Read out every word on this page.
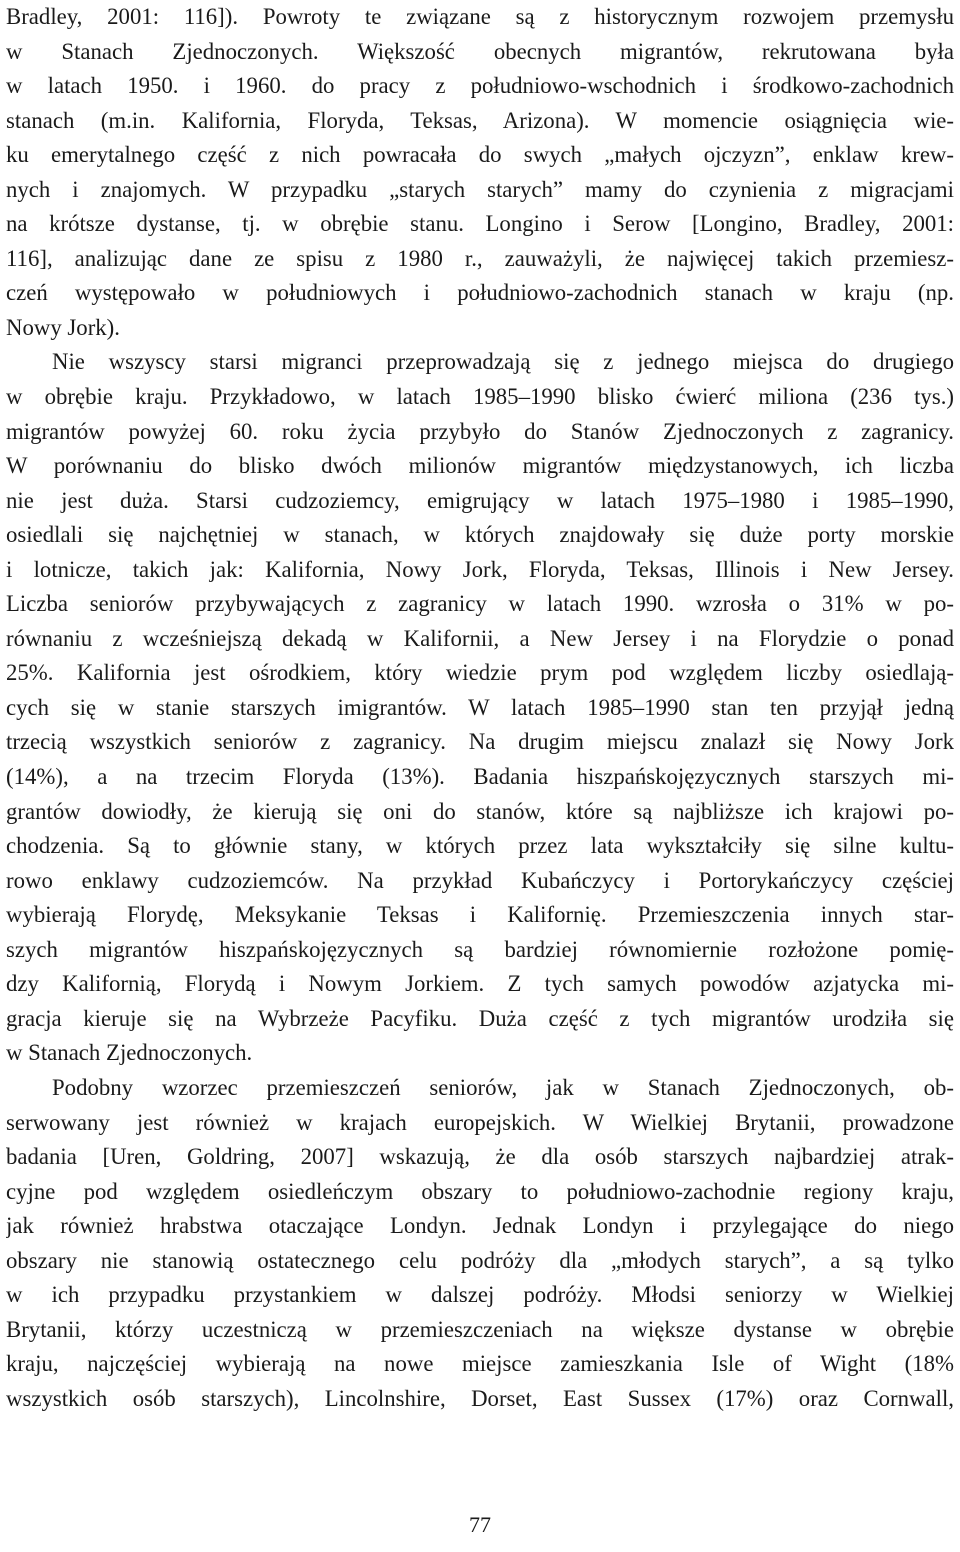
Bradley, 2001: 116]). Powroty te związane są z historycznym rozwojem przemysłu
w Stanach Zjednoczonych. Większość obecnych migrantów, rekrutowana była
w latach 1950. i 1960. do pracy z południowo-wschodnich i środkowo-zachodnich
stanach (m.in. Kalifornia, Floryda, Teksas, Arizona). W momencie osiągnięcia wie-
ku emerytalnego część z nich powracała do swych „małych ojczyzn”, enklaw krew-
nych i znajomych. W przypadku „starych starych” mamy do czynienia z migracjami
na krótsze dystanse, tj. w obrębie stanu. Longino i Serow [Longino, Bradley, 2001:
116], analizując dane ze spisu z 1980 r., zauważyli, że najwięcej takich przemiesz-
czeń występowało w południowych i południowo-zachodnich stanach w kraju (np.
Nowy Jork).
Nie wszyscy starsi migranci przeprowadzają się z jednego miejsca do drugiego
w obrębie kraju. Przykładowo, w latach 1985–1990 blisko ćwierć miliona (236 tys.)
migrantów powyżej 60. roku życia przybyło do Stanów Zjednoczonych z zagranicy.
W porównaniu do blisko dwóch milionów migrantów międzystanowych, ich liczba
nie jest duża. Starsi cudzoziemcy, emigrujący w latach 1975–1980 i 1985–1990,
osiedlali się najchętniej w stanach, w których znajdowały się duże porty morskie
i lotnicze, takich jak: Kalifornia, Nowy Jork, Floryda, Teksas, Illinois i New Jersey.
Liczba seniorów przybywających z zagranicy w latach 1990. wzrosła o 31% w po-
równaniu z wcześniejszą dekadą w Kalifornii, a New Jersey i na Florydzie o ponad
25%. Kalifornia jest ośrodkiem, który wiedzie prym pod względem liczby osiedlają-
cych się w stanie starszych imigrantów. W latach 1985–1990 stan ten przyjął jedną
trzecią wszystkich seniorów z zagranicy. Na drugim miejscu znalazł się Nowy Jork
(14%), a na trzecim Floryda (13%). Badania hiszpańskojęzycznych starszych mi-
grantów dowiodły, że kierują się oni do stanów, które są najbliższe ich krajowi po-
chodzenia. Są to głównie stany, w których przez lata wykształciły się silne kultu-
rowo enklawy cudzoziemców. Na przykład Kubańczycy i Portorykańczycy częściej
wybierają Florydę, Meksykanie Teksas i Kalifornię. Przemieszczenia innych star-
szych migrantów hiszpańskojęzycznych są bardziej równomiernie rozłożone pomię-
dzy Kalifornią, Florydą i Nowym Jorkiem. Z tych samych powodów azjatycka mi-
gracja kieruje się na Wybrzeże Pacyfiku. Duża część z tych migrantów urodziła się
w Stanach Zjednoczonych.
Podobny wzorzec przemieszczeń seniorów, jak w Stanach Zjednoczonych, ob-
serwowany jest również w krajach europejskich. W Wielkiej Brytanii, prowadzone
badania [Uren, Goldring, 2007] wskazują, że dla osób starszych najbardziej atrak-
cyjne pod względem osiedleńczym obszary to południowo-zachodnie regiony kraju,
jak również hrabstwa otaczające Londyn. Jednak Londyn i przylegające do niego
obszary nie stanowią ostatecznego celu podróży dla „młodych starych”, a są tylko
w ich przypadku przystankiem w dalszej podróży. Młodsi seniorzy w Wielkiej
Brytanii, którzy uczestniczą w przemieszczeniach na większe dystanse w obrębie
kraju, najczęściej wybierają na nowe miejsce zamieszkania Isle of Wight (18%
wszystkich osób starszych), Lincolnshire, Dorset, East Sussex (17%) oraz Cornwall,
77
